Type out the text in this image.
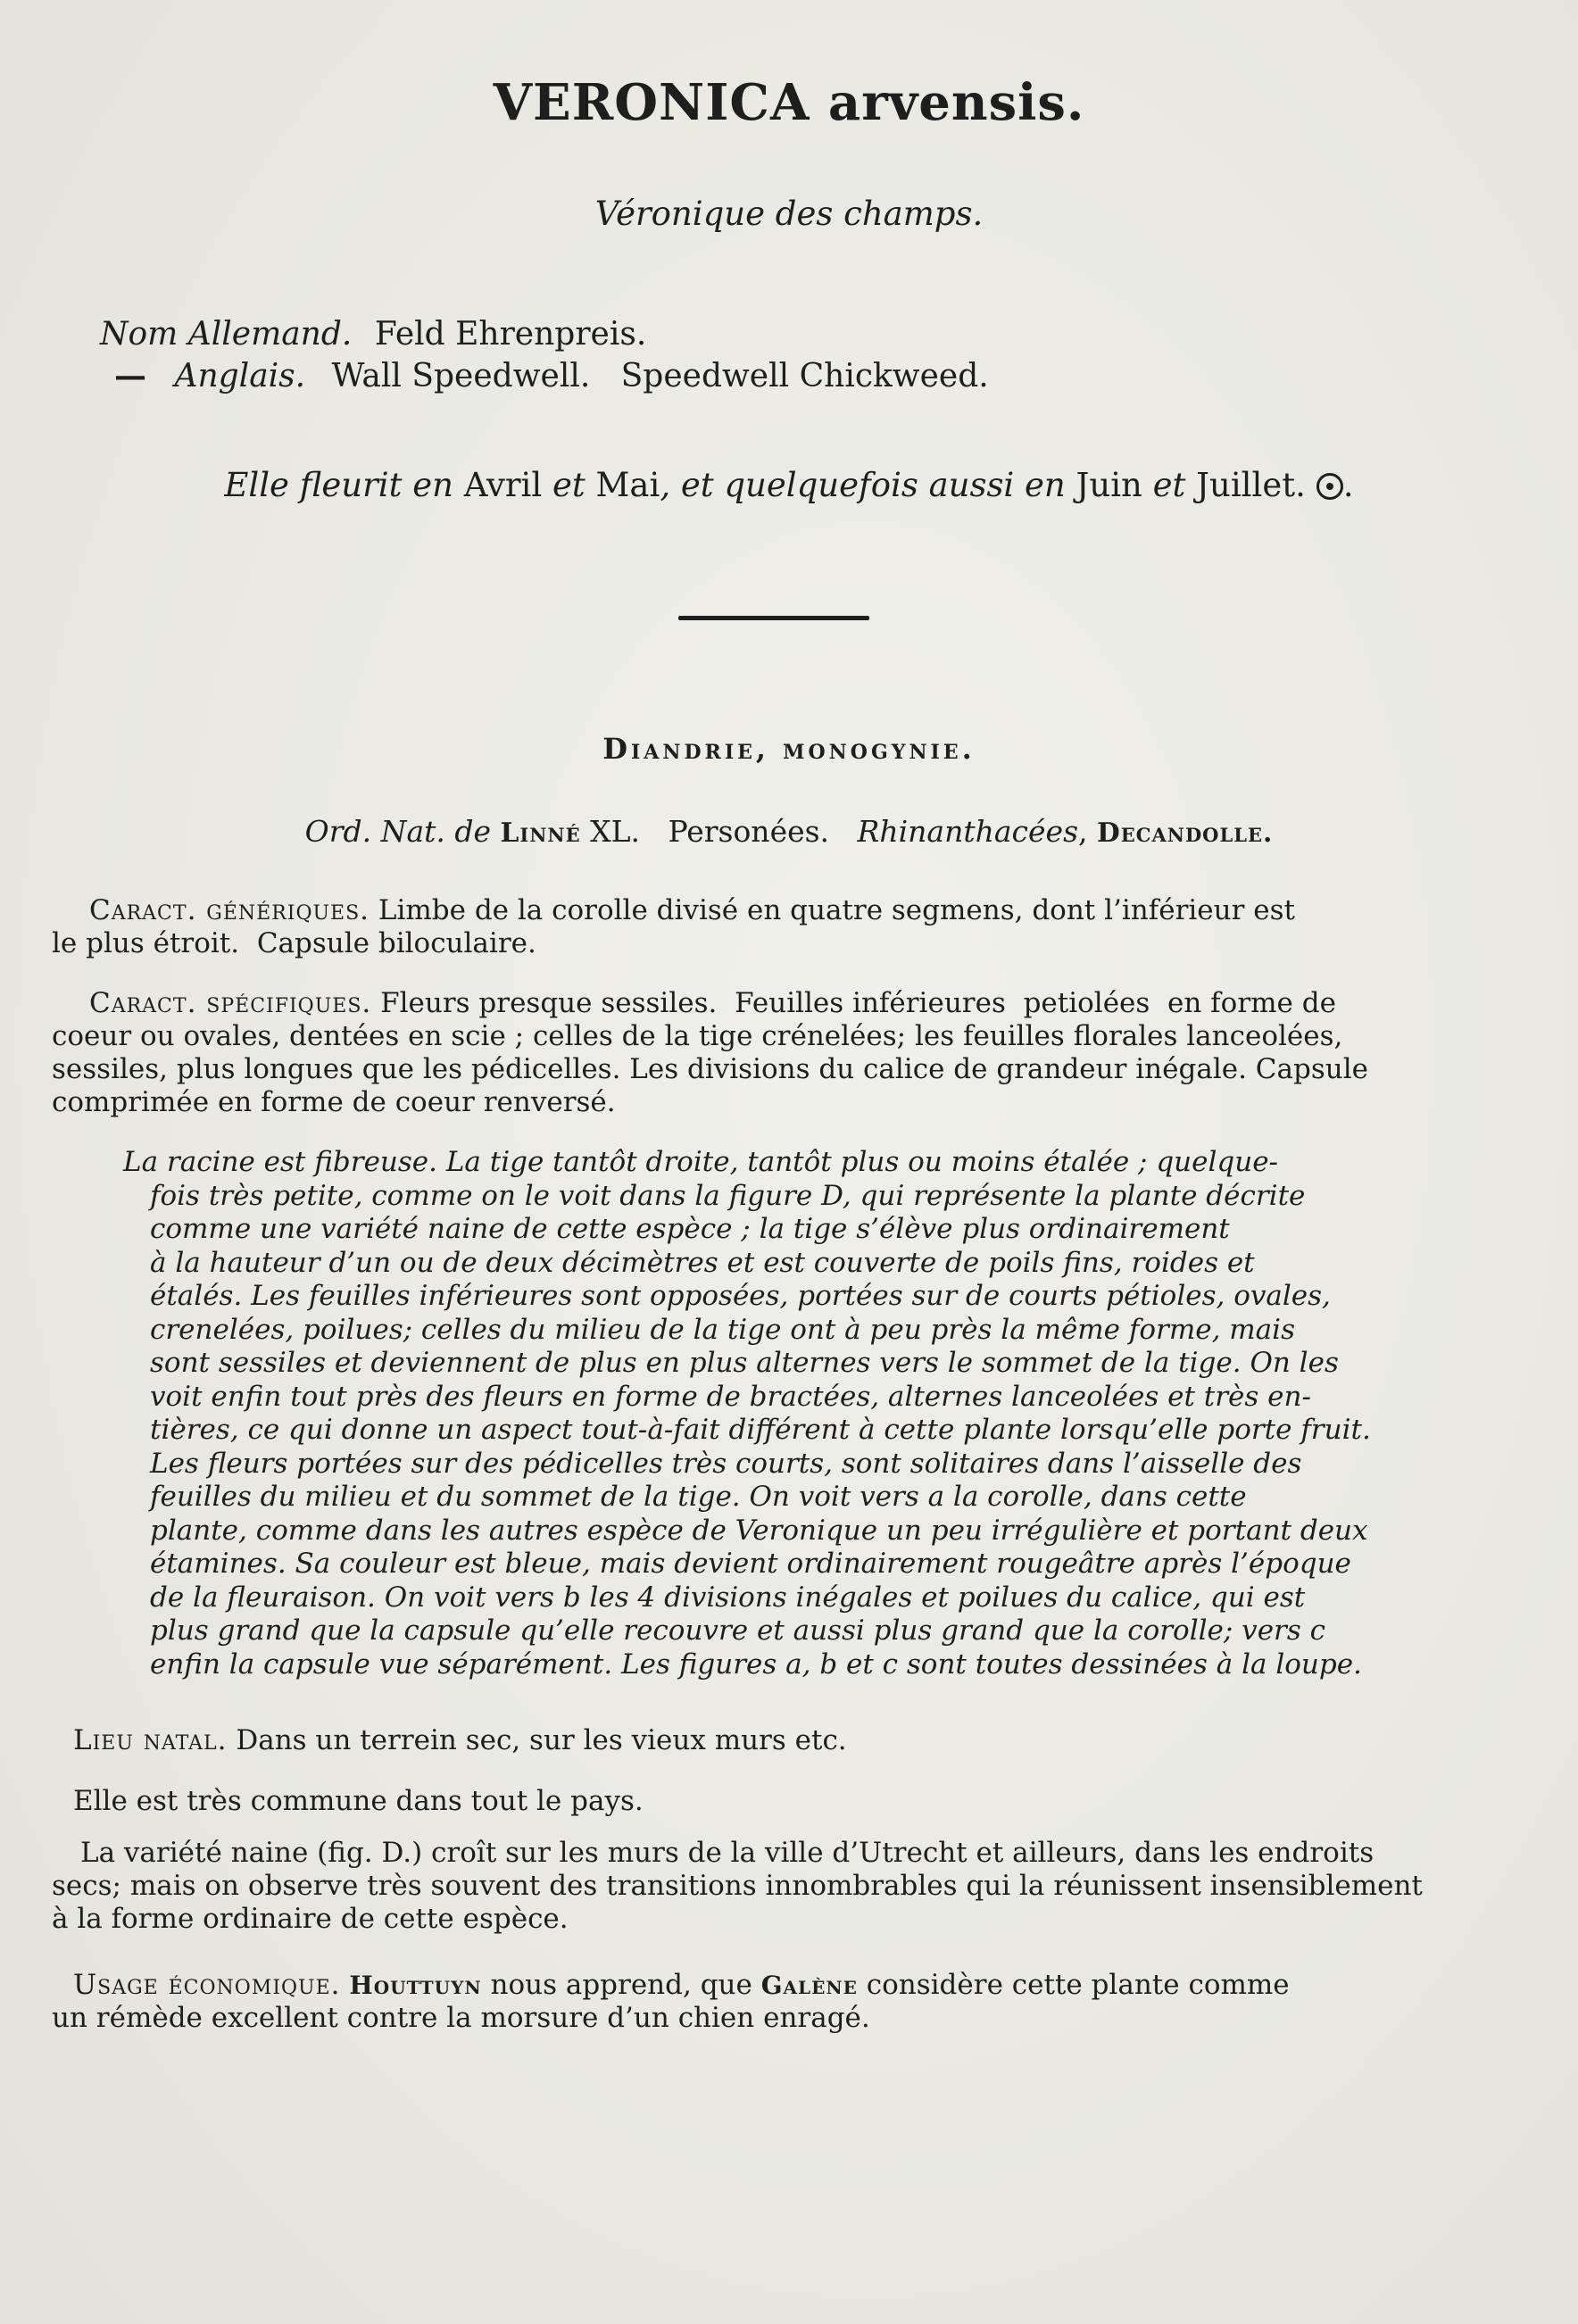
VERONICA arvensis.
Véronique des champs.
Nom Allemand. Feld Ehrenpreis.
— Anglais. Wall Speedwell.   Speedwell Chickweed.
Elle fleurit en Avril et Mai, et quelquefois aussi en Juin et Juillet. .
Diandrie, monogynie.
Ord. Nat. de Linné XL.   Personées.   Rhinanthacées, Decandolle.
Caract. génériques. Limbe de la corolle divisé en quatre segmens, dont l’inférieur est
le plus étroit.  Capsule biloculaire.
Caract. spécifiques. Fleurs presque sessiles.  Feuilles inférieures  petiolées  en forme de
coeur ou ovales, dentées en scie ; celles de la tige crénelées; les feuilles florales lanceolées,
sessiles, plus longues que les pédicelles. Les divisions du calice de grandeur inégale. Capsule
comprimée en forme de coeur renversé.
La racine est fibreuse. La tige tantôt droite, tantôt plus ou moins étalée ; quelque-
fois très petite, comme on le voit dans la figure D, qui représente la plante décrite
comme une variété naine de cette espèce ; la tige s’élève plus ordinairement
à la hauteur d’un ou de deux décimètres et est couverte de poils fins, roides et
étalés. Les feuilles inférieures sont opposées, portées sur de courts pétioles, ovales,
crenelées, poilues; celles du milieu de la tige ont à peu près la même forme, mais
sont sessiles et deviennent de plus en plus alternes vers le sommet de la tige. On les
voit enfin tout près des fleurs en forme de bractées, alternes lanceolées et très en-
tières, ce qui donne un aspect tout-à-fait différent à cette plante lorsqu’elle porte fruit.
Les fleurs portées sur des pédicelles très courts, sont solitaires dans l’aisselle des
feuilles du milieu et du sommet de la tige. On voit vers a la corolle, dans cette
plante, comme dans les autres espèce de Veronique un peu irrégulière et portant deux
étamines. Sa couleur est bleue, mais devient ordinairement rougeâtre après l’époque
de la fleuraison. On voit vers b les 4 divisions inégales et poilues du calice, qui est
plus grand que la capsule qu’elle recouvre et aussi plus grand que la corolle; vers c
enfin la capsule vue séparément. Les figures a, b et c sont toutes dessinées à la loupe.
Lieu natal. Dans un terrein sec, sur les vieux murs etc.
Elle est très commune dans tout le pays.
La variété naine (fig. D.) croît sur les murs de la ville d’Utrecht et ailleurs, dans les endroits
secs; mais on observe très souvent des transitions innombrables qui la réunissent insensiblement
à la forme ordinaire de cette espèce.
Usage économique. Houttuyn nous apprend, que Galène considère cette plante comme
un rémède excellent contre la morsure d’un chien enragé.
